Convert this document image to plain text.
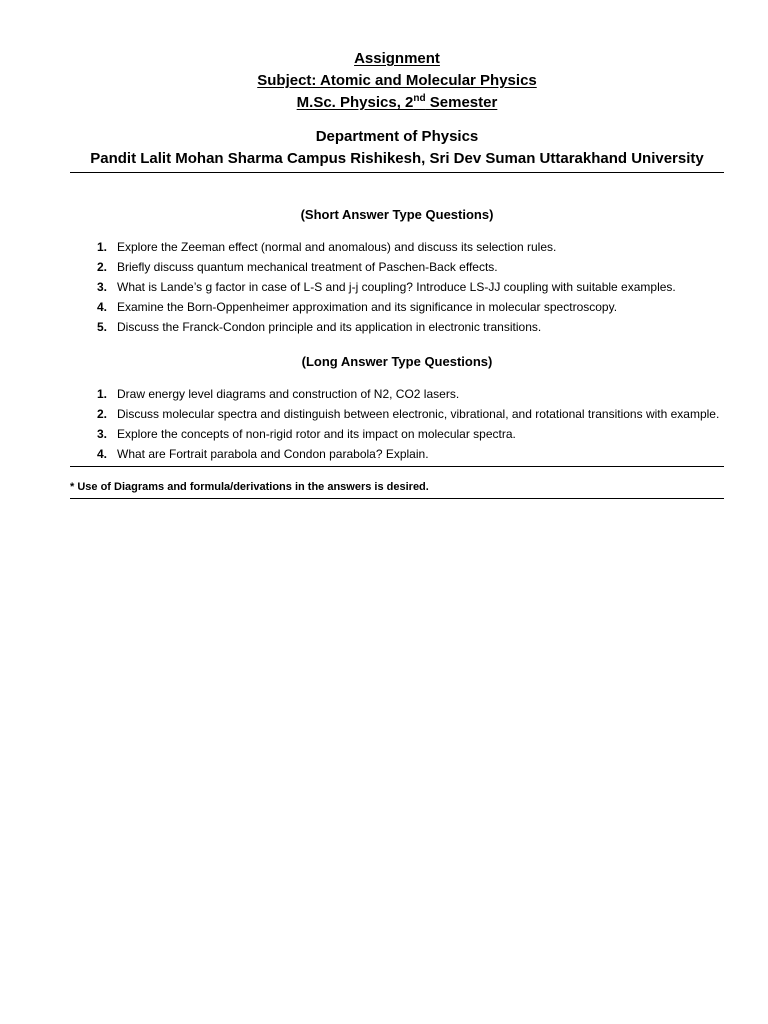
Assignment
Subject: Atomic and Molecular Physics
M.Sc. Physics, 2nd Semester
Department of Physics
Pandit Lalit Mohan Sharma Campus Rishikesh, Sri Dev Suman Uttarakhand University
(Short Answer Type Questions)
1. Explore the Zeeman effect (normal and anomalous) and discuss its selection rules.
2. Briefly discuss quantum mechanical treatment of Paschen-Back effects.
3. What is Lande’s g factor in case of L-S and j-j coupling? Introduce LS-JJ coupling with suitable examples.
4. Examine the Born-Oppenheimer approximation and its significance in molecular spectroscopy.
5. Discuss the Franck-Condon principle and its application in electronic transitions.
(Long Answer Type Questions)
1. Draw energy level diagrams and construction of N2, CO2 lasers.
2. Discuss molecular spectra and distinguish between electronic, vibrational, and rotational transitions with example.
3. Explore the concepts of non-rigid rotor and its impact on molecular spectra.
4. What are Fortrait parabola and Condon parabola? Explain.
* Use of Diagrams and formula/derivations in the answers is desired.
